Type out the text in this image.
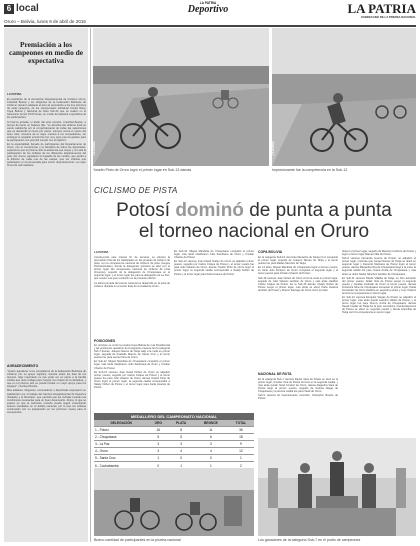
6 local	LA PATRIA
Deportivo	LA PATRIA
SUBDECANO DE LA PRENSA NACIONAL
Oruro – Bolivia, lunes 8 de abril de 2016
Premiación a los campeones en medio de expectativa
LA PATRIA

El presidente de la Asociación Departamental de Ciclismo Oruro, Cristóbal Bustos y los dirigentes de la Federación Boliviana de Ciclismo, llevaron adelante el acto de premiación a los tres primeros de cada categoría, de los campeonatos individual Contra Reloj, Copa Bolivia y Nacional de Ruta Sub-23 que se realizó en el transcurso de las 15:00 horas, en medio de bastante expectativa de los participantes.

Al final la jornada, el titular del ente orureño, Cristóbal Bustos, a tiempo de hacer un balance dijo: "Lo directiva del ciclismo local se siente satisfecha por el comportamiento de todas las selecciones que se desarrolló al ciento por ciento, siempre contra el marco del buen trato; nosotros de la mejor manera a los competidores, sin embargo el respaldo económico fue muy poco pero la gestión para la participación nos permitió cumplir con el objetivo".

En la especialidad, llenado de participantes del Departamento de Oruro, con el compromiso y la disciplina de todos los deportistas, esperamos que el próximo año la asistencia sea mayor y con ello la participación de los ciclistas de los diferentes departamentos del país. Así mismo, agradeció el respaldo de los medios, que ayudó a la difusión de cada una de las etapas, que los ciclistas que participaron en la temporada para crecer deportivamente. La mejor forma de salir adelante.

AGRADECIMIENTO

"Quiero agradecer a los compañeros de la Federación Boliviana de Ciclismo por su apoyo logístico, durante todos los días de los tiempos. Algo importante es que pudo ver en pleno a la familia ciclista que tanto trabaja para mejorar los niveles de la disciplina, y que en el próximo año se pueda brindar un mejor apoyo para los equipos", concluyó Bustos.

Más adelante, dirigentes, entrenadores y deportistas expresaron su satisfacción por el trabajo del Servicio Departamental de Deportes (Sedede) y el Municipio, que permitió que los ciclistas tuvieran las condiciones necesarias para un buen desempeño. Ahora, lo que se espera es que la selección orureña pueda seguir cosechando buenos resultados en el ámbito nacional, por lo que los ciclistas continuarán con su preparación en los próximos meses para el campeonato.

LA PATRIA
Yoselin Pinto de Oruro logró el primer lugar en Sub-13 damas
LA PATRIA
Impresionante fue la competencia en la Sub-12
CICLISMO DE PISTA
Potosí dominó de punta a punta
el torneo nacional en Oruro
LA PATRIA

Concluyendo este intenso fin de semana, se efectuó la premiación final de los clasificados en las pruebas de ciclismo de pista, con la competencia nacional de ciclismo de pista (Juegos Plurinacionales), donde la delegación potosina se alzó con el primer lugar del campeonato nacional de ciclismo de pista (Jóvenes), seguido de la delegación de Chuquisaca en el segundo lugar, y el tercer lugar fue para la delegación de La Paz, que mostró una gran evolución en la presente edición.

La última jornada del evento nacional se desarrolló en la pista de ciclismo ubicada en el sector Este de la ciudad de Oruro.

POSICIONES

En principio se corrió la prueba Copa Bolivia de ruta Presidencial y las posiciones quedaron de la siguiente manera: En la categoría Sub-7 damas, Joaquin Nieves de Tarija viajó a la meta en primer lugar, seguida de Anabella Marcos de Santa Cruz y el tercer puesto fue para Leonel Vera de Oruro.

En Sub-12, Miguel Mandiola de Chuquisaca conquistó el primer lugar, más atrás clasificaron Julio Zambrana de Oruro y Cristian Chacón de Potosí.

En Sub-13 varones Juan David Nuñez de Oruro se adjudicó primer puesto, seguido por Carlos Colque de Potosí y el tercer puesto fue para Julio Velasco de Oruro, damas Yoselin Pinto de Oruro logró el primer lugar, la segunda casilla correspondió a Nataly Núñez de Potosí y el tercer lugar para Karla Huanca de Potosí.

En Sub-12, Miguel Mandiola de Chuquisaca conquistó el primer lugar, más atrás clasificaron Julio Zambrana de Oruro y Cristian Chacón de Potosí.

En Sub-13 varones Juan David Nuñez de Oruro se adjudicó primer puesto, seguido por Carlos Colque de Potosí y el tercer puesto fue para Julio Velasco de Oruro, damas Yoselin Pinto de Oruro logró el primer lugar, la segunda casilla correspondió a Nataly Núñez de Potosí y el tercer lugar para Karla Huanca de Potosí.

COPA BOLIVIA

En la categoría Sub-15 Jeremías Menacho de Santa Cruz conquistó el primer lugar, seguido de Joaquín Nieves de Tarija y el tercer puesto fue para Matias Sánchez de Tarija.

En 14 años, Miguel Mandiola de Chuquisaca logró el primer puesto, en tanto Julio Zenteno de Oruro conquistó el segundo lugar y el tercer puesto para Cristian Chacón de Potosí.

Sub-15 varones Juan Núñez de Oruro cruzó la meta en primer lugar, seguido de Julio Velasco también de Oruro y más atrás clasificó Carlos Colque de Potosí. En la Sub-15 damas, Nataly Núñez de Potosí ocupó el primer lugar, más atrás se ubicó Karla Huanca también de Potosí y Sharon Samage de Oruro cerró el podio.

NACIONAL DE RUTA

En la categoría Sub-7 varones Daniel Vaca de Potosí se situó en el primer lugar, Cristian Vera de Potosí terminó en la segunda casilla, y más atrás quedó Yeriel Condori de Oruro, damas Alejandra Vaca de Potosí llegó al primer puesto, seguido de Andrea Aliaga de Chuquisaca y la tercera casilla fue para Yasdi de Oruro.

Sub-9 varones El impresionante recorrido, Cristopher Bustos de Potosí.

obtuvo el primer lugar, seguido de Mauricio Cardozo de Potosí y logró el tercer lugar Manuel Villa de Potosí.

Sub-9 varones Fernando Guerra de Potosí, se adjudicó el primer lugar, mientras que Jonael Nieves de Tarija se ubicó en segundo lugar y Facundo Machaca de Potosí logró el tercer puesto, damas Margarita Nina de Chuquisaca llegó a la meta, la segunda casilla fue para Yesica Aruña de Chuquisaca y más atrás se ubicó Noelia Sánchez también de Chuquisaca.

En Sub-11 varones Danilo Villalba de Tarija, se hizo acreedor del primer puesto, Aldair Vela de Potosí ocupó el segundo puesto y Jonatán Andrade de Oruro el tercer puesto, damas Francisca Nina de Chuquisaca conquistó el primer lugar, Paola Fernández de Oruro clasificó en segundo puesto y Lucy Chávez terminó la competencia en tercer lugar.

En Sub-13 varones Ezequiel Vargas de Potosí se adjudicó el primer lugar, más atrás quedó Leandro Valdez de Potosí, y el tercer lugar fue para Jhonny Aruña de Chuquisaca, damas Nayeli Cuellar de Tarija fue la gran vencedora, Camila Espinoza de Potosí se ubicó en segundo puesto y Alexia Arancibia de Tarija cerró la competencia en tercer lugar.

MEDALLERO DEL CAMPEONATO NACIONAL
DELEGACIÓN	ORO	PLATA	BRONCE	TOTAL
1.- Potosí	16	8	11	36
2.- Chuquisaca	5	5	6	18
3.- La Paz	3	3	3	9
4.- Oruro	3	4	4	12
5.- Santa Cruz	1	0	0	1
6.- Cochabamba	0	1	1	2

Bueno cantidad de participantes en la prueba nacional	Los ganadores de la categoría Sub-7 en el podio de campeones
